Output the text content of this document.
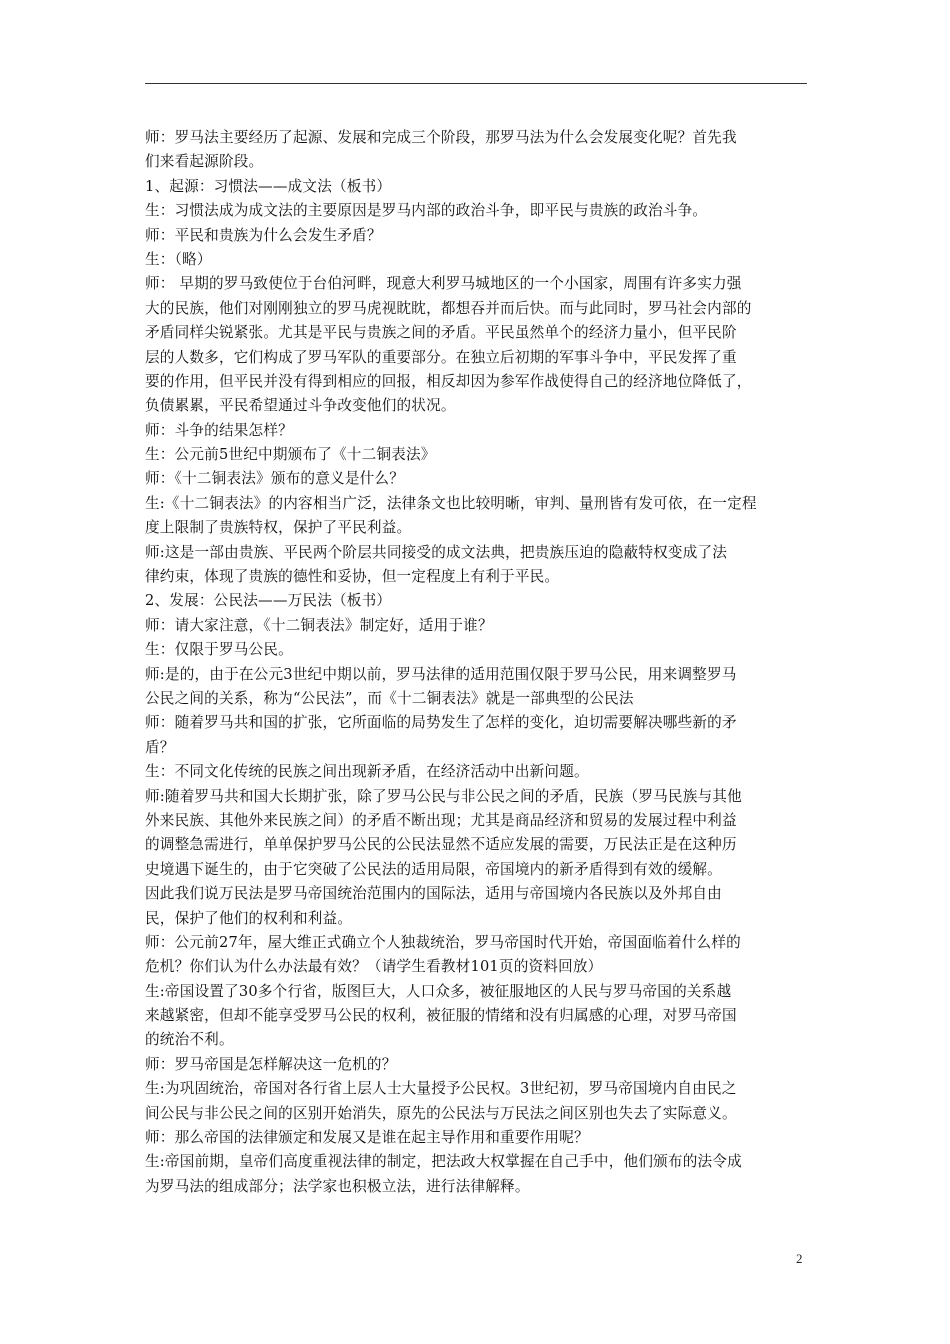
师：罗马法主要经历了起源、发展和完成三个阶段，那罗马法为什么会发展变化呢？首先我
们来看起源阶段。
1、起源：习惯法——成文法（板书）
生：习惯法成为成文法的主要原因是罗马内部的政治斗争，即平民与贵族的政治斗争。
师：平民和贵族为什么会发生矛盾？
生：（略）
师： 早期的罗马致使位于台伯河畔，现意大利罗马城地区的一个小国家，周围有许多实力强
大的民族，他们对刚刚独立的罗马虎视眈眈，都想吞并而后快。而与此同时，罗马社会内部的
矛盾同样尖锐紧张。尤其是平民与贵族之间的矛盾。平民虽然单个的经济力量小，但平民阶
层的人数多，它们构成了罗马军队的重要部分。在独立后初期的军事斗争中，平民发挥了重
要的作用，但平民并没有得到相应的回报，相反却因为参军作战使得自己的经济地位降低了，
负债累累，平民希望通过斗争改变他们的状况。
师：斗争的结果怎样？
生：公元前5世纪中期颁布了《十二铜表法》
师：《十二铜表法》颁布的意义是什么？
生:《十二铜表法》的内容相当广泛，法律条文也比较明晰，审判、量刑皆有发可依，在一定程
度上限制了贵族特权，保护了平民利益。
师:这是一部由贵族、平民两个阶层共同接受的成文法典，把贵族压迫的隐蔽特权变成了法
律约束，体现了贵族的德性和妥协，但一定程度上有利于平民。
2、发展：公民法——万民法（板书）
师：请大家注意，《十二铜表法》制定好，适用于谁？
生：仅限于罗马公民。
师:是的，由于在公元3世纪中期以前，罗马法律的适用范围仅限于罗马公民，用来调整罗马
公民之间的关系，称为“公民法”，而《十二铜表法》就是一部典型的公民法
师：随着罗马共和国的扩张，它所面临的局势发生了怎样的变化，迫切需要解决哪些新的矛
盾？
生：不同文化传统的民族之间出现新矛盾，在经济活动中出新问题。
师:随着罗马共和国大长期扩张，除了罗马公民与非公民之间的矛盾，民族（罗马民族与其他
外来民族、其他外来民族之间）的矛盾不断出现；尤其是商品经济和贸易的发展过程中利益
的调整急需进行，单单保护罗马公民的公民法显然不适应发展的需要，万民法正是在这种历
史境遇下诞生的，由于它突破了公民法的适用局限，帝国境内的新矛盾得到有效的缓解。
因此我们说万民法是罗马帝国统治范围内的国际法，适用与帝国境内各民族以及外邦自由
民，保护了他们的权利和利益。
师：公元前27年，屋大维正式确立个人独裁统治，罗马帝国时代开始，帝国面临着什么样的
危机？你们认为什么办法最有效？（请学生看教材101页的资料回放）
生:帝国设置了30多个行省，版图巨大，人口众多，被征服地区的人民与罗马帝国的关系越
来越紧密，但却不能享受罗马公民的权利，被征服的情绪和没有归属感的心理，对罗马帝国
的统治不利。
师：罗马帝国是怎样解决这一危机的？
生:为巩固统治，帝国对各行省上层人士大量授予公民权。3世纪初，罗马帝国境内自由民之
间公民与非公民之间的区别开始消失，原先的公民法与万民法之间区别也失去了实际意义。
师：那么帝国的法律颁定和发展又是谁在起主导作用和重要作用呢？
生:帝国前期，皇帝们高度重视法律的制定，把法政大权掌握在自己手中，他们颁布的法令成
为罗马法的组成部分；法学家也积极立法，进行法律解释。
2
